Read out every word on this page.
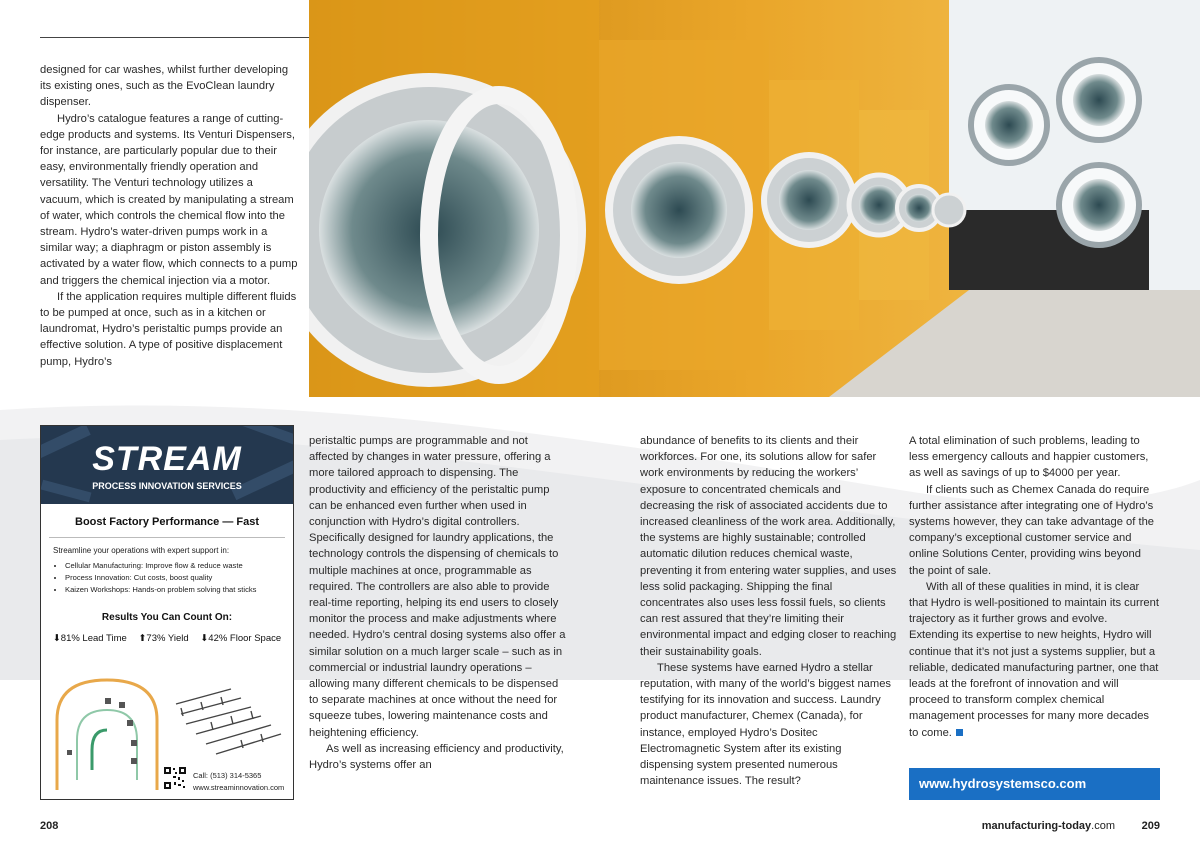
designed for car washes, whilst further developing its existing ones, such as the EvoClean laundry dispenser.

Hydro’s catalogue features a range of cutting-edge products and systems. Its Venturi Dispensers, for instance, are particularly popular due to their easy, environmentally friendly operation and versatility. The Venturi technology utilizes a vacuum, which is created by manipulating a stream of water, which controls the chemical flow into the stream. Hydro’s water-driven pumps work in a similar way; a diaphragm or piston assembly is activated by a water flow, which connects to a pump and triggers the chemical injection via a motor.

If the application requires multiple different fluids to be pumped at once, such as in a kitchen or laundromat, Hydro’s peristaltic pumps provide an effective solution. A type of positive displacement pump, Hydro’s

STREAM
PROCESS INNOVATION SERVICES
Boost Factory Performance — Fast
Streamline your operations with expert support in:
• Cellular Manufacturing: Improve flow & reduce waste
• Process Innovation: Cut costs, boost quality
• Kaizen Workshops: Hands-on problem solving that sticks
Results You Can Count On:
⬇81% Lead Time ⬆73% Yield ⬇42% Floor Space
Call: (513) 314-5365
www.streaminnovation.com

peristaltic pumps are programmable and not affected by changes in water pressure, offering a more tailored approach to dispensing. The productivity and efficiency of the peristaltic pump can be enhanced even further when used in conjunction with Hydro’s digital controllers. Specifically designed for laundry applications, the technology controls the dispensing of chemicals to multiple machines at once, programmable as required. The controllers are also able to provide real-time reporting, helping its end users to closely monitor the process and make adjustments where needed. Hydro’s central dosing systems also offer a similar solution on a much larger scale – such as in commercial or industrial laundry operations – allowing many different chemicals to be dispensed to separate machines at once without the need for squeeze tubes, lowering maintenance costs and heightening efficiency.

As well as increasing efficiency and productivity, Hydro’s systems offer an

abundance of benefits to its clients and their workforces. For one, its solutions allow for safer work environments by reducing the workers’ exposure to concentrated chemicals and decreasing the risk of associated accidents due to increased cleanliness of the work area. Additionally, the systems are highly sustainable; controlled automatic dilution reduces chemical waste, preventing it from entering water supplies, and uses less solid packaging. Shipping the final concentrates also uses less fossil fuels, so clients can rest assured that they’re limiting their environmental impact and edging closer to reaching their sustainability goals.

These systems have earned Hydro a stellar reputation, with many of the world’s biggest names testifying for its innovation and success. Laundry product manufacturer, Chemex (Canada), for instance, employed Hydro’s Dositec Electromagnetic System after its existing dispensing system presented numerous maintenance issues. The result?

A total elimination of such problems, leading to less emergency callouts and happier customers, as well as savings of up to $4000 per year.

If clients such as Chemex Canada do require further assistance after integrating one of Hydro’s systems however, they can take advantage of the company’s exceptional customer service and online Solutions Center, providing wins beyond the point of sale.

With all of these qualities in mind, it is clear that Hydro is well-positioned to maintain its current trajectory as it further grows and evolve. Extending its expertise to new heights, Hydro will continue that it’s not just a systems supplier, but a reliable, dedicated manufacturing partner, one that leads at the forefront of innovation and will proceed to transform complex chemical management processes for many more decades to come.

www.hydrosystemsco.com
208	manufacturing-today.com 209
